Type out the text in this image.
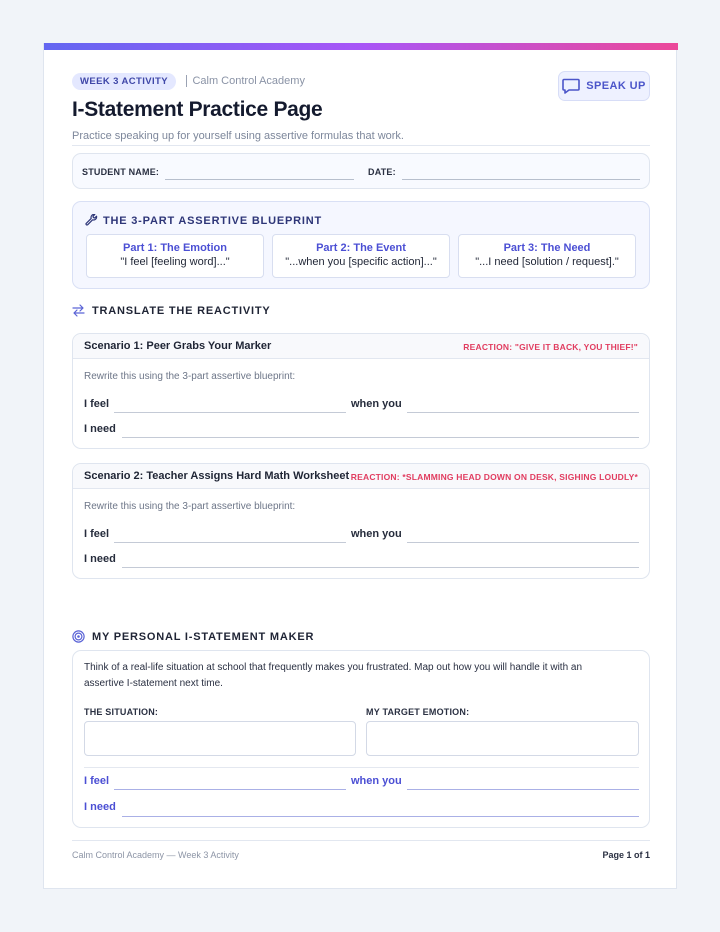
WEEK 3 ACTIVITY Calm Control Academy
I-Statement Practice Page
Practice speaking up for yourself using assertive formulas that work.
SPEAK UP
STUDENT NAME:	DATE:
THE 3-PART ASSERTIVE BLUEPRINT
Part 1: The Emotion
"I feel [feeling word]..."
Part 2: The Event
"...when you [specific action]..."
Part 3: The Need
"...I need [solution / request]."
TRANSLATE THE REACTIVITY
Scenario 1: Peer Grabs Your Marker	REACTION: "GIVE IT BACK, YOU THIEF!"
Rewrite this using the 3-part assertive blueprint:
I feel	when you
I need
Scenario 2: Teacher Assigns Hard Math Worksheet REACTION: *SLAMMING HEAD DOWN ON DESK, SIGHING LOUDLY*
Rewrite this using the 3-part assertive blueprint:
I feel	when you
I need
MY PERSONAL I-STATEMENT MAKER
Think of a real-life situation at school that frequently makes you frustrated. Map out how you will handle it with an assertive I-statement next time.
THE SITUATION:	MY TARGET EMOTION:
I feel	when you
I need
Calm Control Academy — Week 3 Activity	Page 1 of 1
